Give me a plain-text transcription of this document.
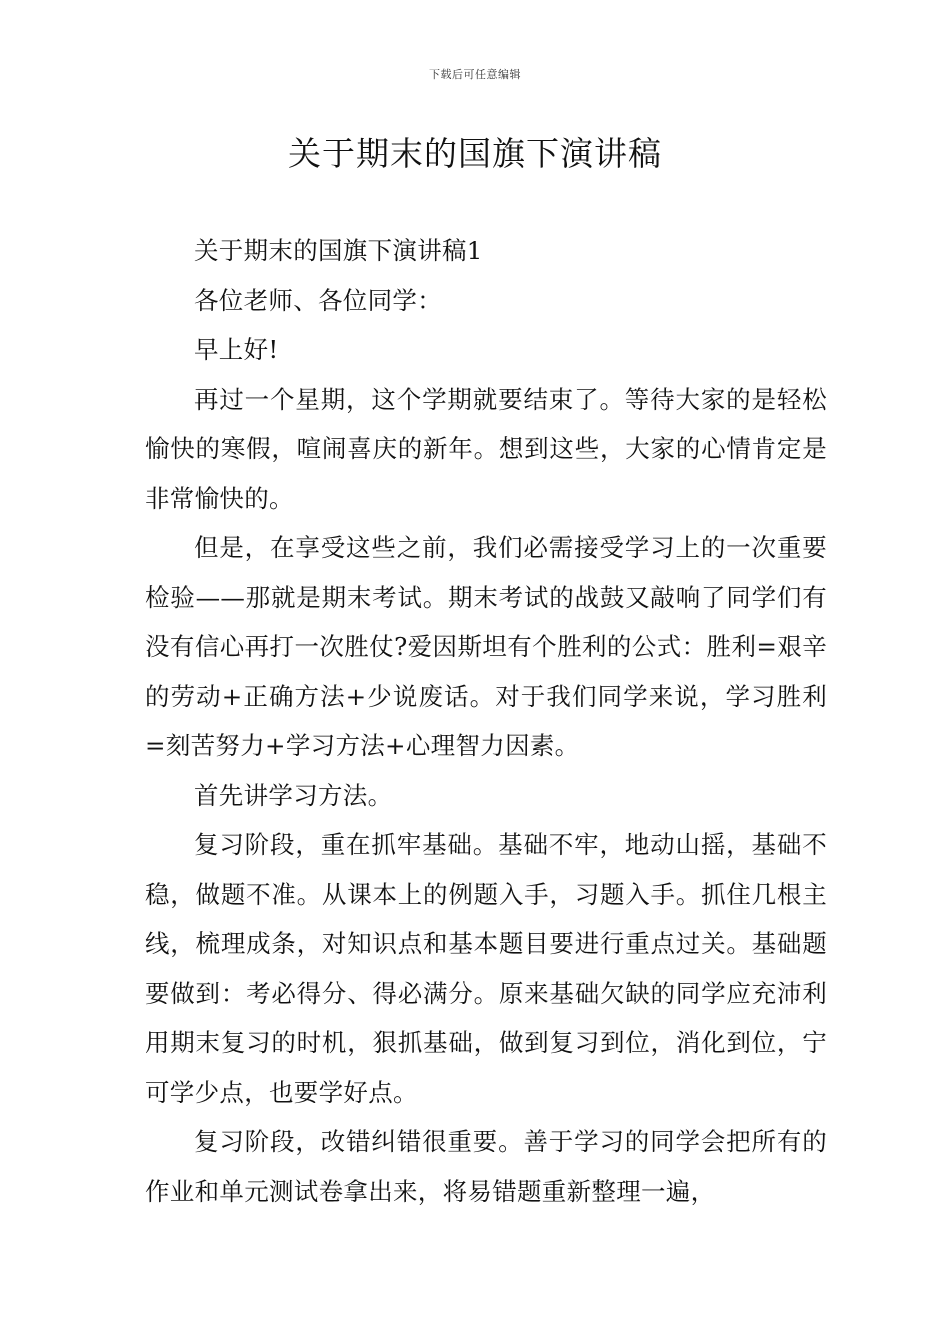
下载后可任意编辑
关于期末的国旗下演讲稿

关于期末的国旗下演讲稿1

各位老师、各位同学：

早上好!

再过一个星期，这个学期就要结束了。等待大家的是轻松愉快的寒假，喧闹喜庆的新年。想到这些，大家的心情肯定是非常愉快的。

但是，在享受这些之前，我们必需接受学习上的一次重要检验——那就是期末考试。期末考试的战鼓又敲响了同学们有没有信心再打一次胜仗?爱因斯坦有个胜利的公式：胜利=艰辛的劳动+正确方法+少说废话。对于我们同学来说，学习胜利=刻苦努力+学习方法+心理智力因素。

首先讲学习方法。

复习阶段，重在抓牢基础。基础不牢，地动山摇，基础不稳，做题不准。从课本上的例题入手，习题入手。抓住几根主线，梳理成条，对知识点和基本题目要进行重点过关。基础题要做到：考必得分、得必满分。原来基础欠缺的同学应充沛利用期末复习的时机，狠抓基础，做到复习到位，消化到位，宁可学少点，也要学好点。

复习阶段，改错纠错很重要。善于学习的同学会把所有的作业和单元测试卷拿出来，将易错题重新整理一遍，
